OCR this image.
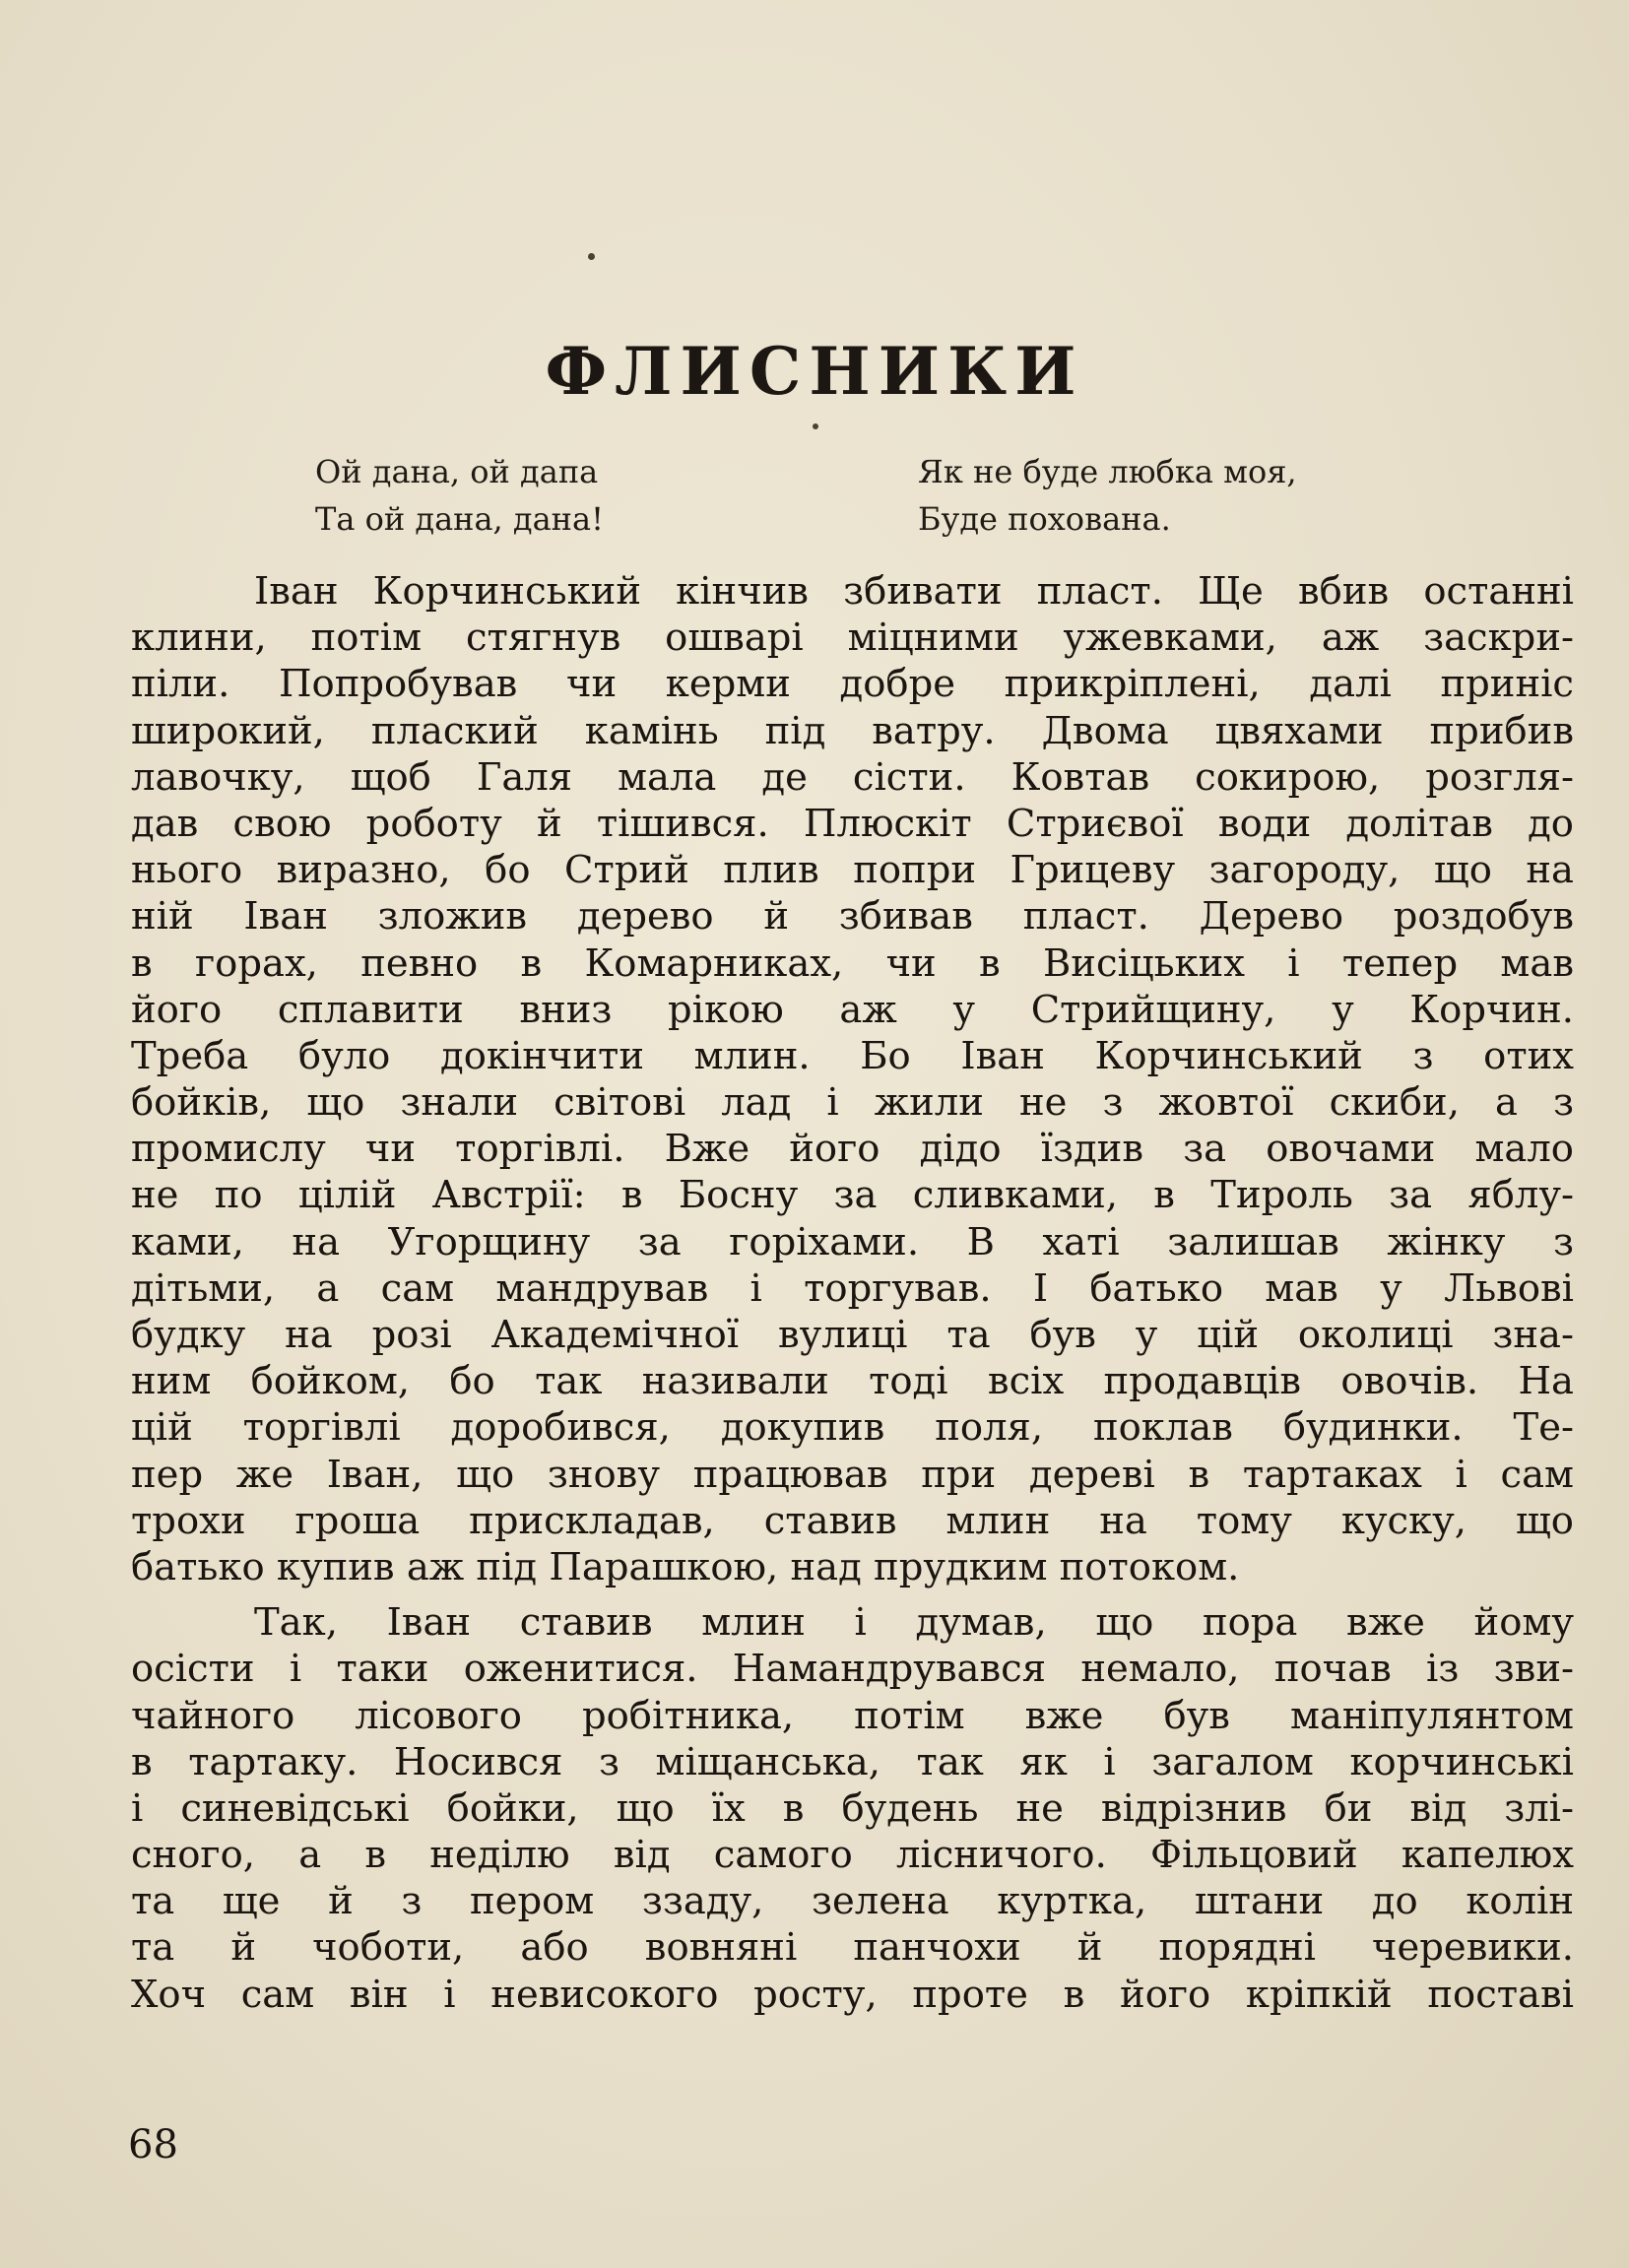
ФЛИСНИКИ
Ой дана, ой дапа
Та ой дана, дана!
Як не буде любка моя,
Буде похована.
Іван Корчинський кінчив збивати пласт. Ще вбив останні
клини, потім стягнув ошварі міцними ужевками, аж заскри-
піли. Попробував чи керми добре прикріплені, далі приніс
широкий, плаский камінь під ватру. Двома цвяхами прибив
лавочку, щоб Галя мала де сісти. Ковтав сокирою, розгля-
дав свою роботу й тішився. Плюскіт Стриєвої води долітав до
нього виразно, бо Стрий плив попри Грицеву загороду, що на
ній Іван зложив дерево й збивав пласт. Дерево роздобув
в горах, певно в Комарниках, чи в Висіцьких і тепер мав
його сплавити вниз рікою аж у Стрийщину, у Корчин.
Треба було докінчити млин. Бо Іван Корчинський з отих
бойків, що знали світові лад і жили не з жовтої скиби, а з
промислу чи торгівлі. Вже його дідо їздив за овочами мало
не по цілій Австрії: в Босну за сливками, в Тироль за яблу-
ками, на Угорщину за горіхами. В хаті залишав жінку з
дітьми, а сам мандрував і торгував. І батько мав у Львові
будку на розі Академічної вулиці та був у цій околиці зна-
ним бойком, бо так називали тоді всіх продавців овочів. На
цій торгівлі доробився, докупив поля, поклав будинки. Те-
пер же Іван, що знову працював при дереві в тартаках і сам
трохи гроша прискладав, ставив млин на тому куску, що
батько купив аж під Парашкою, над прудким потоком.
Так, Іван ставив млин і думав, що пора вже йому
осісти і таки оженитися. Намандрувався немало, почав із зви-
чайного лісового робітника, потім вже був маніпулянтом
в тартаку. Носився з міщанська, так як і загалом корчинські
і синевідські бойки, що їх в будень не відрізнив би від злі-
сного, а в неділю від самого лісничого. Фільцовий капелюх
та ще й з пером ззаду, зелена куртка, штани до колін
та й чоботи, або вовняні панчохи й порядні черевики.
Хоч сам він і невисокого росту, проте в його кріпкій поставі
68
